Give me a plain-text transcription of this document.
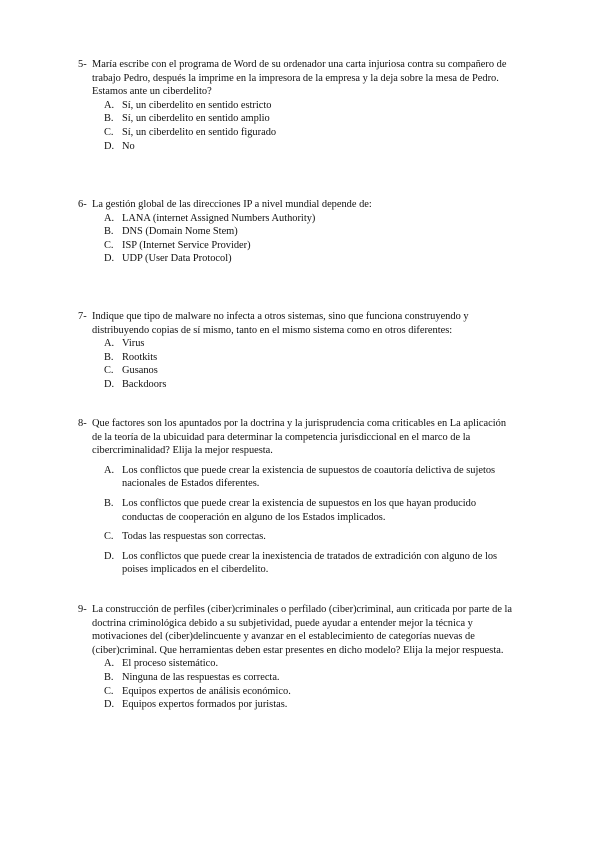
5- María escribe con el programa de Word de su ordenador una carta injuriosa contra su compañero de trabajo Pedro, después la imprime en la impresora de la empresa y la deja sobre la mesa de Pedro. Estamos ante un ciberdelito?
A. Sí, un ciberdelito en sentido estricto
B. Sí, un ciberdelito en sentido amplio
C. Sí, un ciberdelito en sentido figurado
D. No
6- La gestión global de las direcciones IP a nivel mundial depende de:
A. LANA (internet Assigned Numbers Authority)
B. DNS (Domain Nome Stem)
C. ISP (Internet Service Provider)
D. UDP (User Data Protocol)
7- Indique que tipo de malware no infecta a otros sistemas, sino que funciona construyendo y distribuyendo copias de sí mismo, tanto en el mismo sistema como en otros diferentes:
A. Virus
B. Rootkits
C. Gusanos
D. Backdoors
8- Que factores son los apuntados por la doctrina y la jurisprudencia coma criticables en La aplicación de la teoría de la ubicuidad para determinar la competencia jurisdiccional en el marco de la cibercriminalidad? Elija la mejor respuesta.
A. Los conflictos que puede crear la existencia de supuestos de coautoría delictiva de sujetos nacionales de Estados diferentes.
B. Los conflictos que puede crear la existencia de supuestos en los que hayan producido conductas de cooperación en alguno de los Estados implicados.
C. Todas las respuestas son correctas.
D. Los conflictos que puede crear la inexistencia de tratados de extradición con alguno de los poises implicados en el ciberdelito.
9- La construcción de perfiles (ciber)criminales o perfilado (ciber)criminal, aun criticada por parte de la doctrina criminológica debido a su subjetividad, puede ayudar a entender mejor la técnica y motivaciones del (ciber)delincuente y avanzar en el establecimiento de categorías nuevas de (ciber)criminal. Que herramientas deben estar presentes en dicho modelo? Elija la mejor respuesta.
A. El proceso sistemático.
B. Ninguna de las respuestas es correcta.
C. Equipos expertos de análisis económico.
D. Equipos expertos formados por juristas.
